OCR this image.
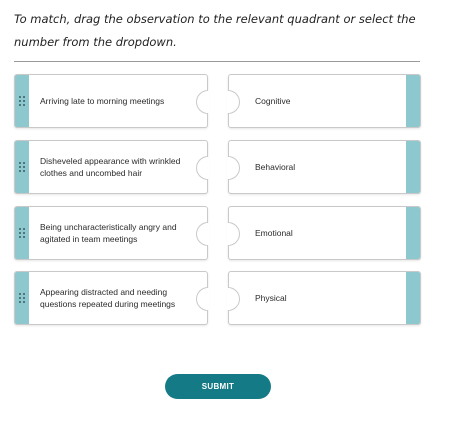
To match, drag the observation to the relevant quadrant or select the number from the dropdown.
Arriving late to morning meetings	Cognitive
Disheveled appearance with wrinkled clothes and uncombed hair
Behavioral
Being uncharacteristically angry and agitated in team meetings
Emotional
Appearing distracted and needing questions repeated during meetings
Physical
SUBMIT
